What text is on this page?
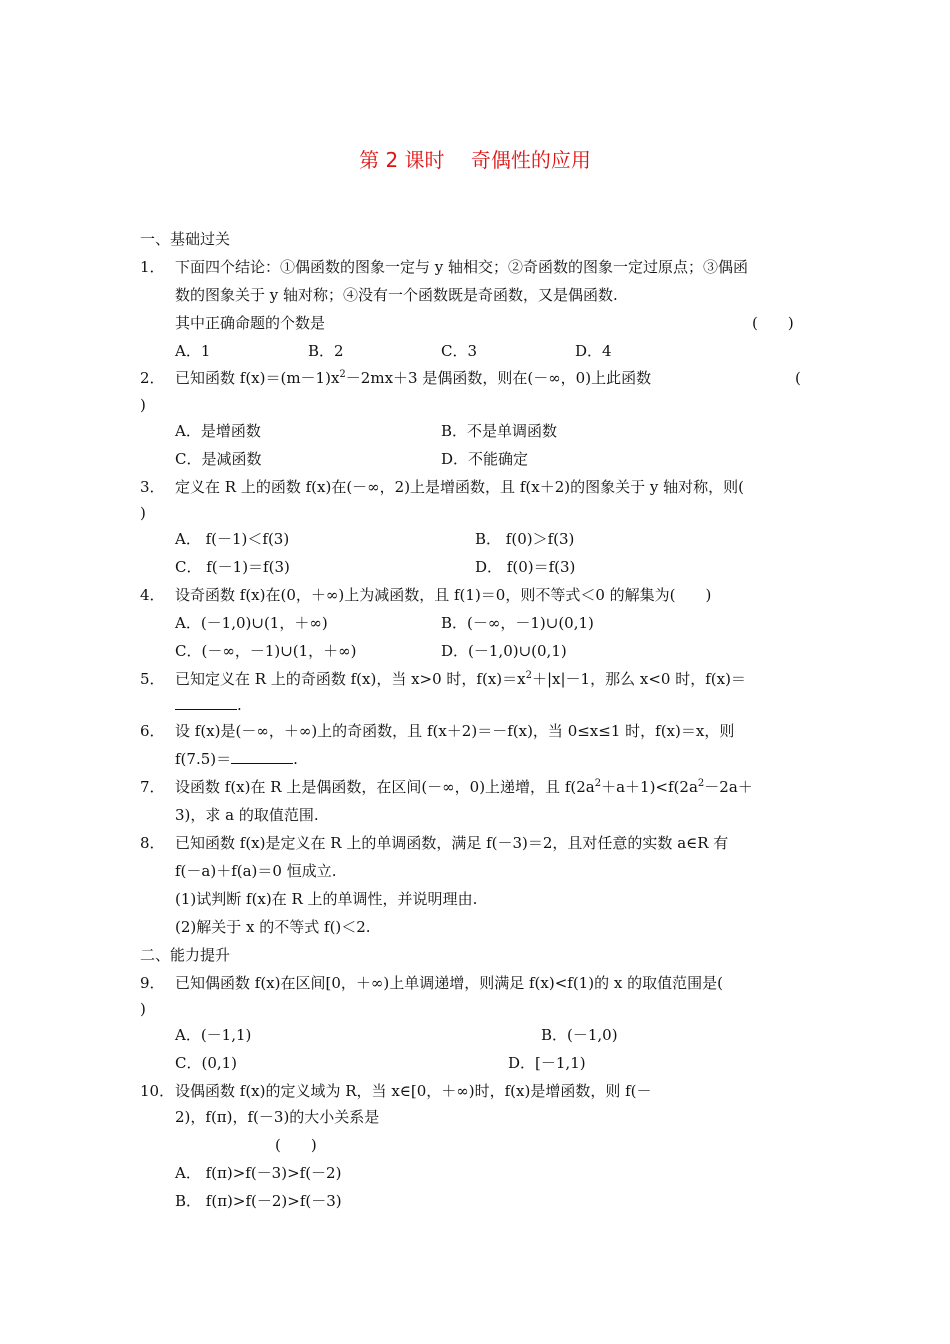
第 2 课时　 奇偶性的应用
一、基础过关
1． 下面四个结论：①偶函数的图象一定与 y 轴相交；②奇函数的图象一定过原点；③偶函
数的图象关于 y 轴对称；④没有一个函数既是奇函数，又是偶函数.
其中正确命题的个数是	(　　)
A．1	B．2	C．3	D．4
2． 已知函数 $f(x)=(m-1)x^2-2mx+3$ 是偶函数，则在(－∞，0)上此函数	(
)
A．是增函数	B．不是单调函数
C．是减函数	D．不能确定
3． 定义在 R 上的函数 f(x)在(－∞，2)上是增函数，且 f(x＋2)的图象关于 y 轴对称，则(
)
A． f(－1)＜f(3)	B． f(0)＞f(3)
C． f(－1)＝f(3)	D． f(0)＝f(3)
4． 设奇函数 f(x)在(0，＋∞)上为减函数，且 f(1)＝0，则不等式＜0 的解集为(　　)
A．(－1,0)∪(1，＋∞)	B．(－∞，－1)∪(0,1)
C．(－∞，－1)∪(1，＋∞)	D．(－1,0)∪(0,1)
5． 已知定义在 R 上的奇函数 f(x)，当 x>0 时，$f(x)=x^2+|x|-1$，那么 x<0 时，f(x)＝
.
6． 设 f(x)是(－∞，＋∞)上的奇函数，且 f(x＋2)＝－f(x)，当 0≤x≤1 时，f(x)＝x，则
f(7.5)＝	.
7． 设函数 f(x)在 R 上是偶函数，在区间(－∞，0)上递增，且 $f(2a^2+a+1)<f(2a^2-2a+$
3)，求 a 的取值范围.
8． 已知函数 f(x)是定义在 R 上的单调函数，满足 f(－3)＝2，且对任意的实数 a∈R 有
f(－a)＋f(a)＝0 恒成立.
(1)试判断 f(x)在 R 上的单调性，并说明理由.
(2)解关于 x 的不等式 f()＜2.
二、能力提升
9． 已知偶函数 f(x)在区间[0，＋∞)上单调递增，则满足 f(x)<f(1)的 x 的取值范围是(
)
A．(－1,1)	B．(－1,0)
C．(0,1)	D．[－1,1)
10． 设偶函数 f(x)的定义域为 R，当 x∈[0，＋∞)时，f(x)是增函数，则 f(－
2)，f(π)，f(－3)的大小关系是
(　　)
A． f(π)>f(－3)>f(－2)
B． f(π)>f(－2)>f(－3)
